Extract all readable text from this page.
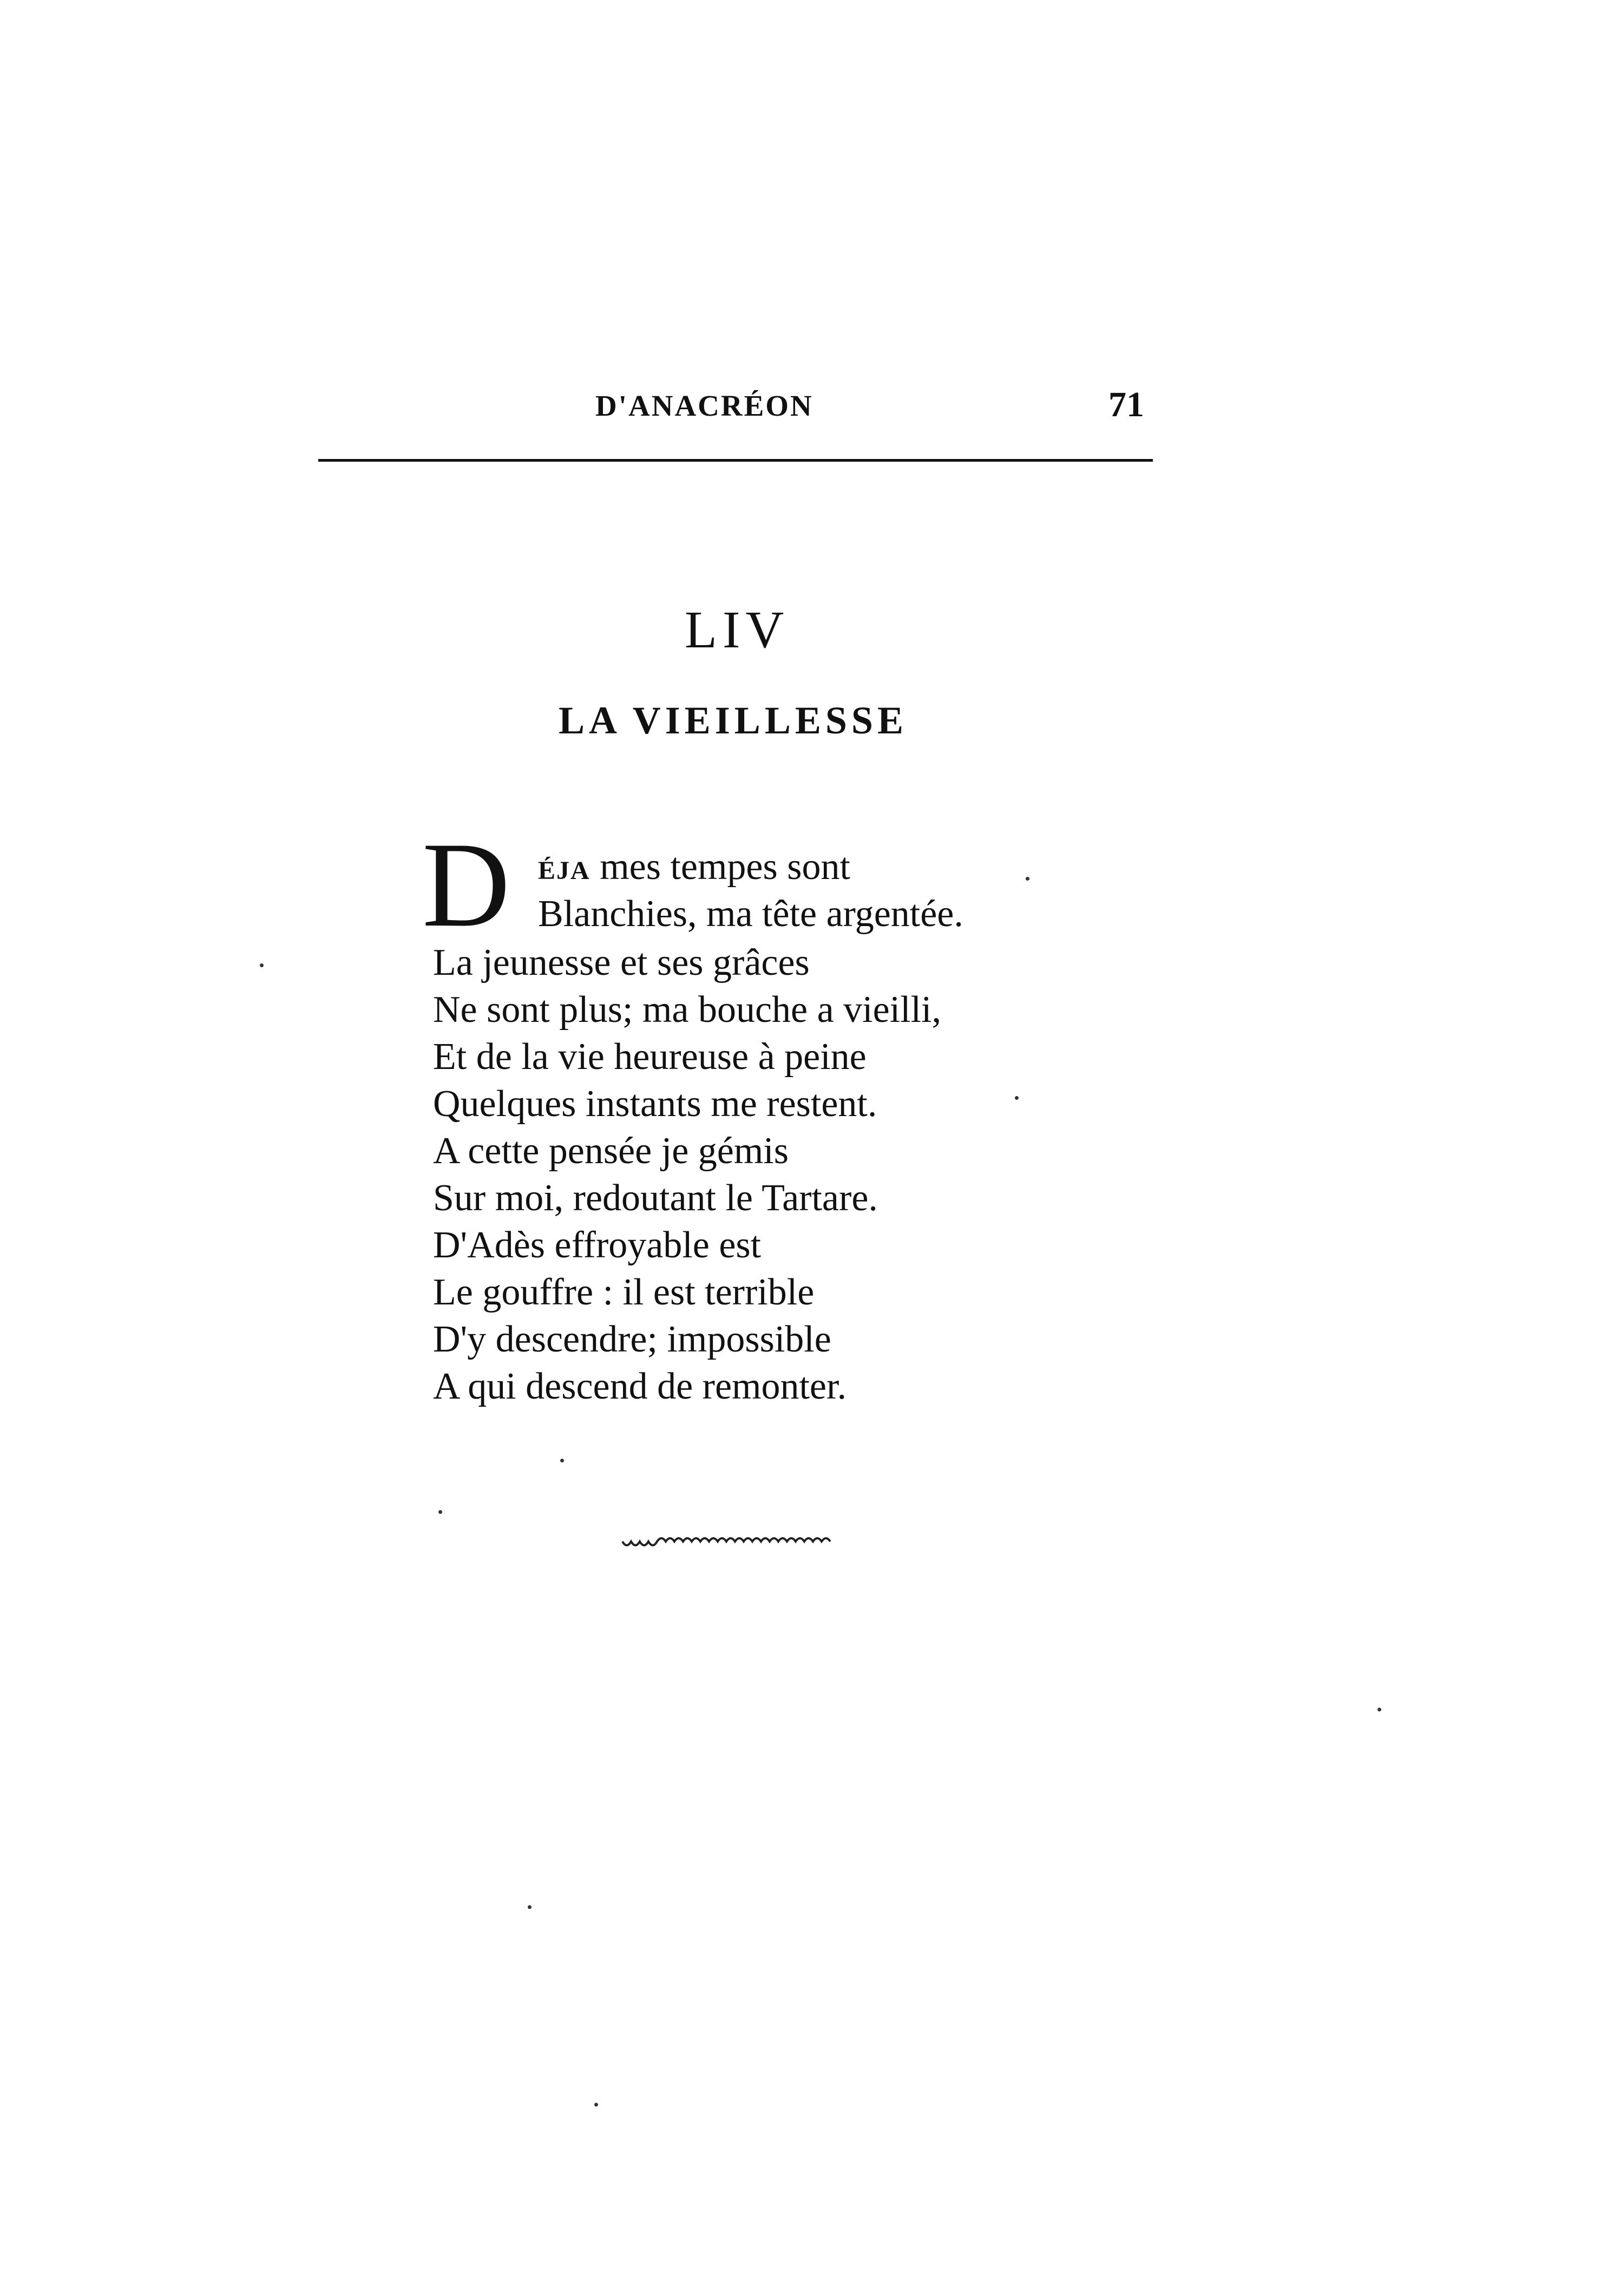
D'ANACRÉON	71
LIV
LA VIEILLESSE
D ÉJA mes tempes sont
Blanchies, ma tête argentée.
La jeunesse et ses grâces
Ne sont plus; ma bouche a vieilli,
Et de la vie heureuse à peine
Quelques instants me restent.
A cette pensée je gémis
Sur moi, redoutant le Tartare.
D'Adès effroyable est
Le gouffre : il est terrible
D'y descendre; impossible
A qui descend de remonter.
